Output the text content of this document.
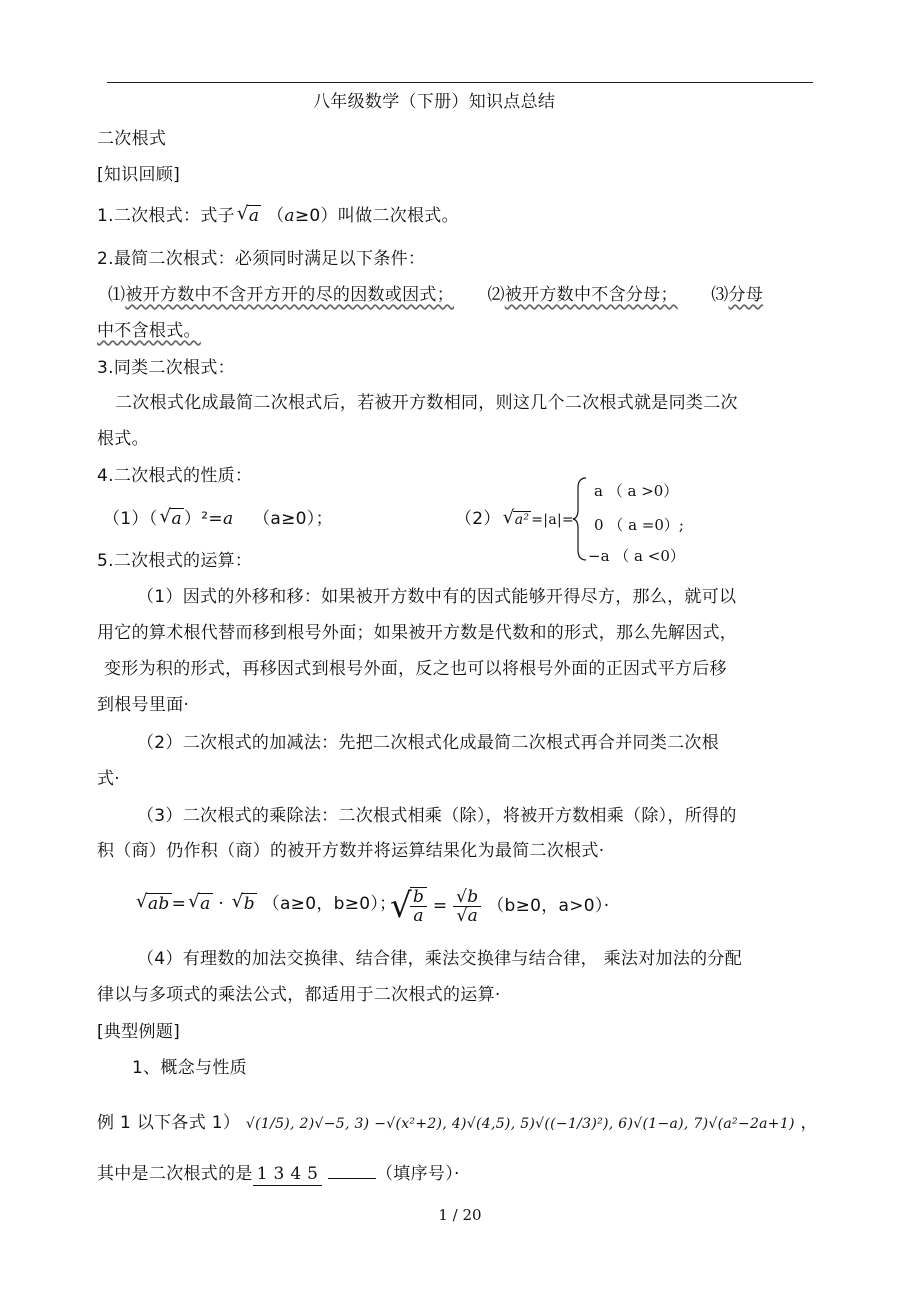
八年级数学（下册）知识点总结
二次根式
[知识回顾]
1.二次根式：式子 √ a （a≥0）叫做二次根式。
2.最简二次根式：必须同时满足以下条件：
⑴被开方数中不含开方开的尽的因数或因式； ⑵被开方数中不含分母； ⑶分母
中不含根式。
3.同类二次根式：
二次根式化成最简二次根式后，若被开方数相同，则这几个二次根式就是同类二次
根式。
4.二次根式的性质：
（1）（ √ a ）²=a （a≥0）；	（2） √ a² =|a|=
a （ a >0）
0 （ a =0）;
−a （ a <0）
5.二次根式的运算：
（1）因式的外移和移：如果被开方数中有的因式能够开得尽方，那么，就可以
用它的算术根代替而移到根号外面；如果被开方数是代数和的形式，那么先解因式，
变形为积的形式，再移因式到根号外面，反之也可以将根号外面的正因式平方后移
到根号里面·
（2）二次根式的加减法：先把二次根式化成最简二次根式再合并同类二次根
式·
（3）二次根式的乘除法：二次根式相乘（除），将被开方数相乘（除），所得的
积（商）仍作积（商）的被开方数并将运算结果化为最简二次根式·
√ ab = √ a · √ b （a≥0，b≥0）；
√
$\frac{b}{a} = \frac{√b}{√a} (b\ge 0$，a>0）·
（4）有理数的加法交换律、结合律，乘法交换律与结合律， 乘法对加法的分配
律以与多项式的乘法公式，都适用于二次根式的运算·
[典型例题]
1、概念与性质
例 1 以下各式 1） √(1/5), 2)√−5, 3) −√(x²+2), 4)√(4,5), 5)√((−1/3)²), 6)√(1−a), 7)√(a²−2a+1) ，
其中是二次根式的是 1 3 4 5	（填序号）·
1 / 20
